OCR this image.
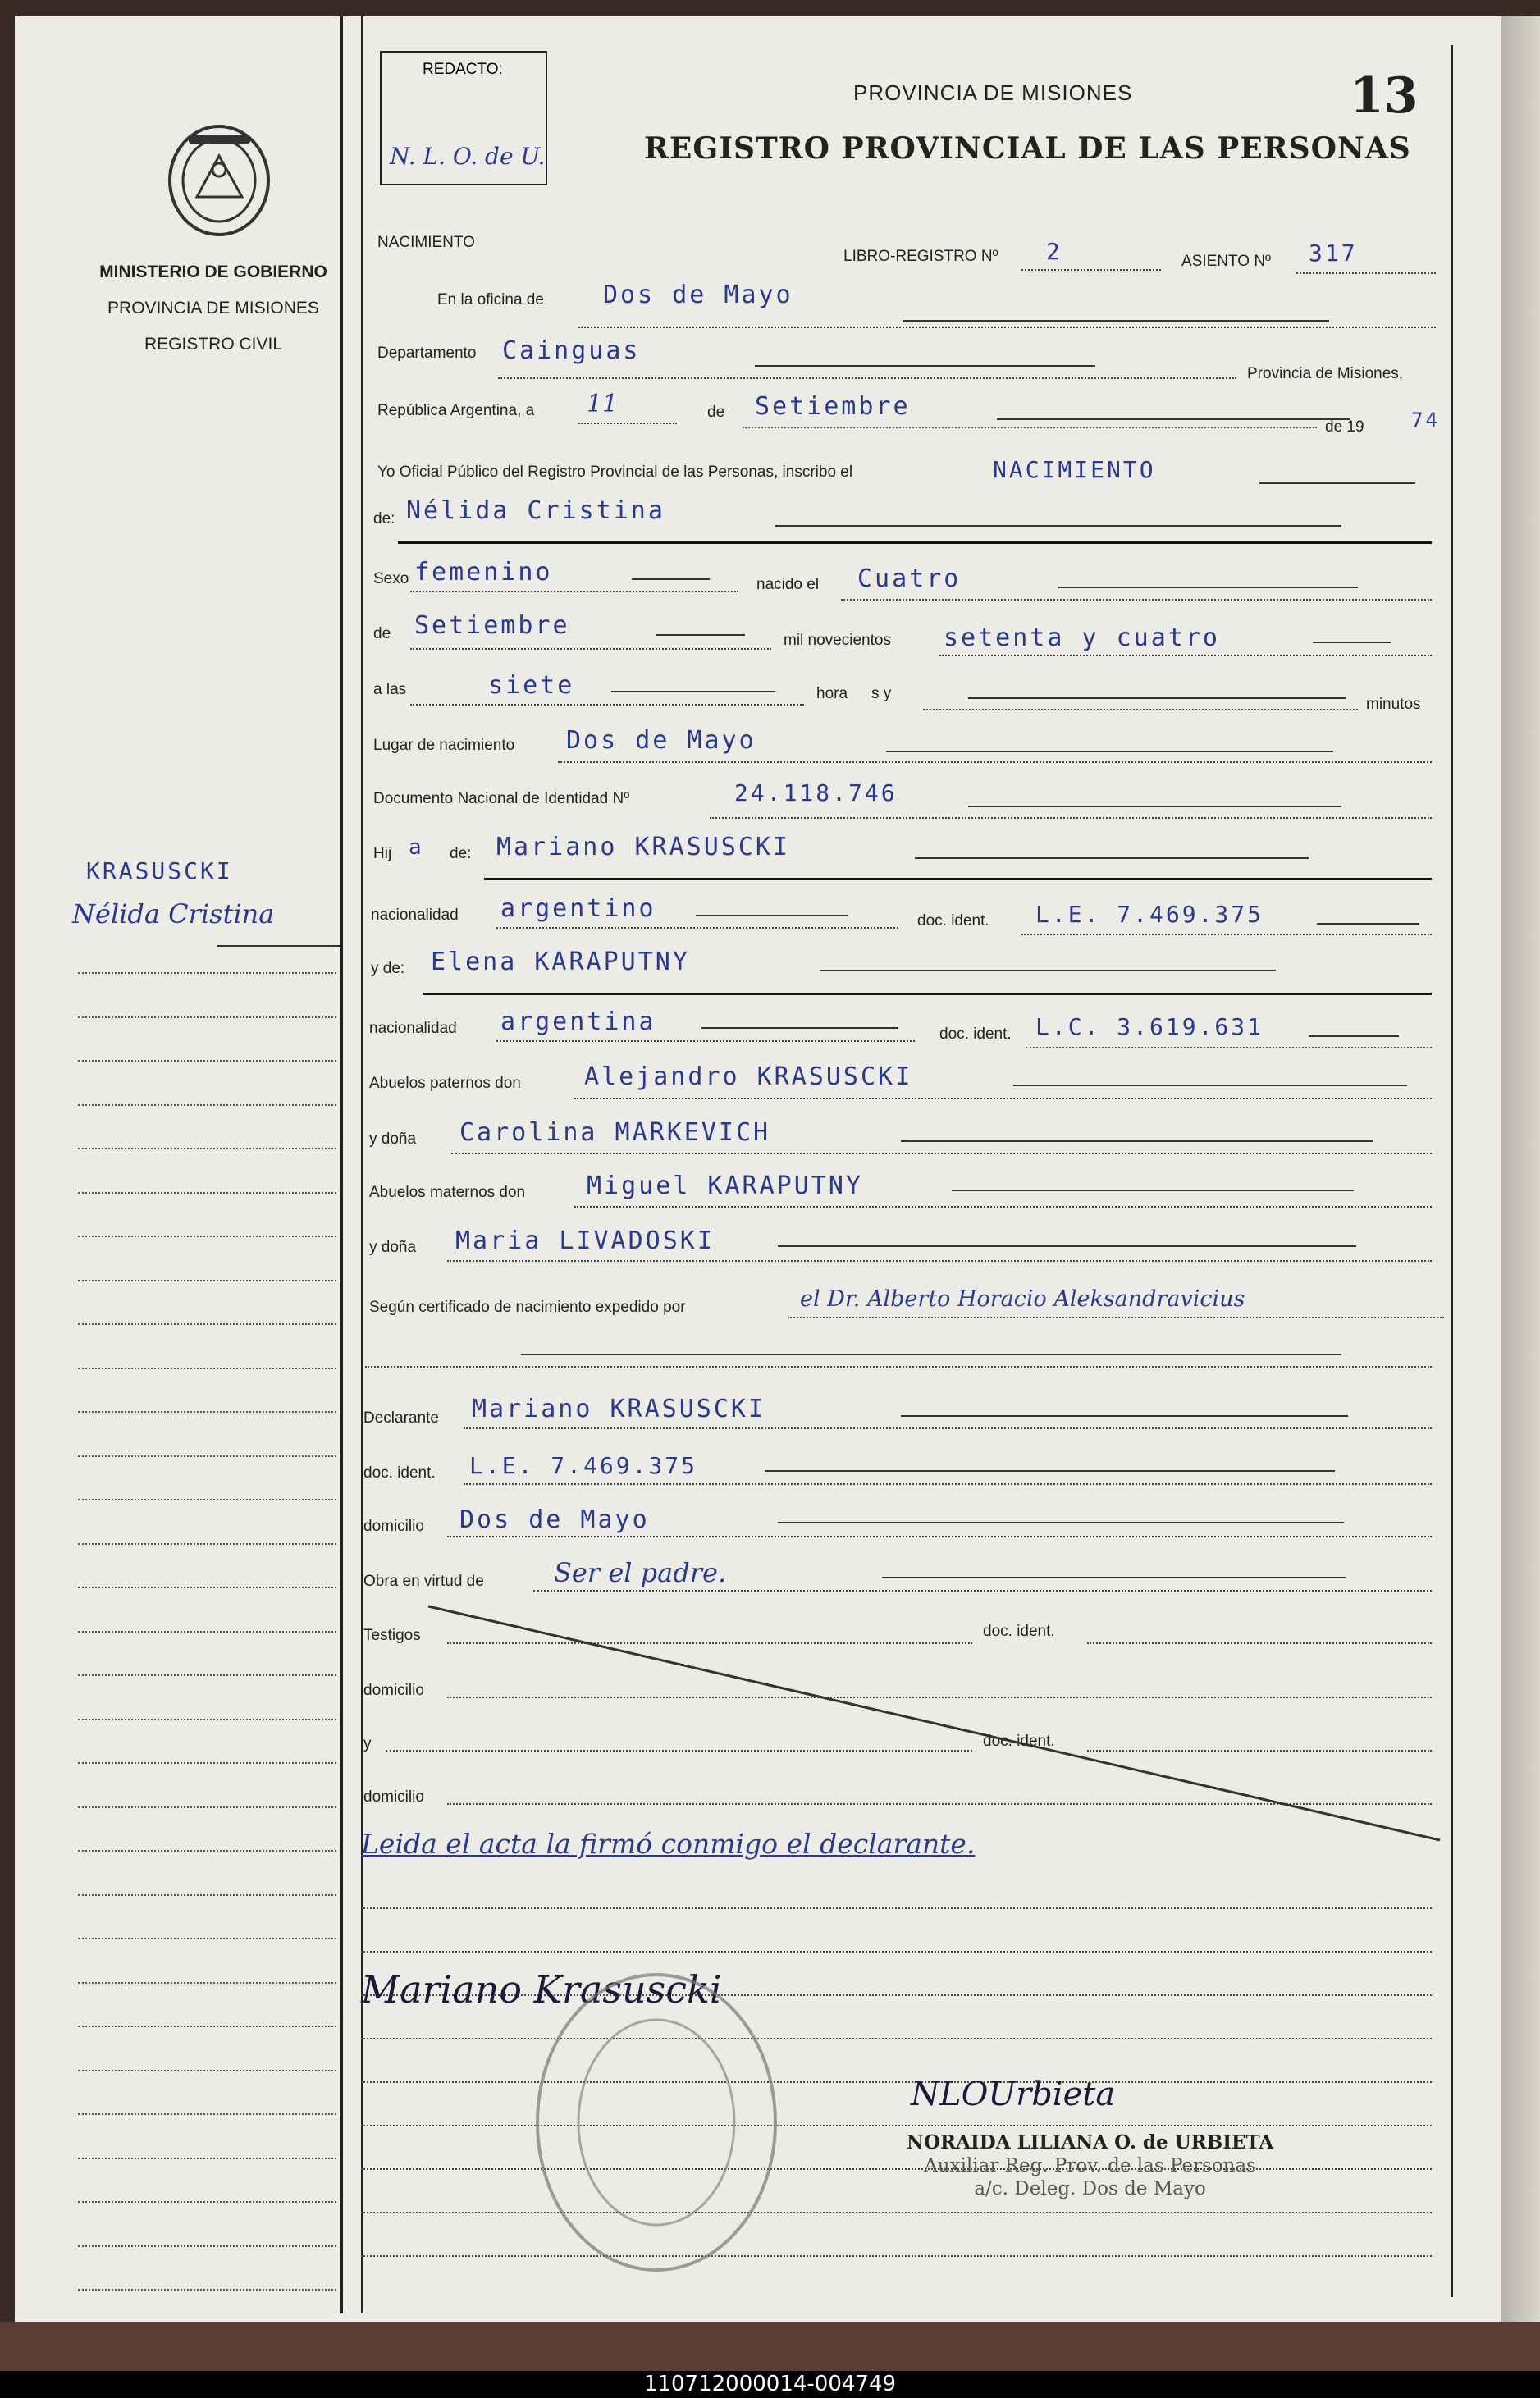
MINISTERIO DE GOBIERNO
PROVINCIA DE MISIONES
REGISTRO CIVIL
REDACTO:
N. L. O. de U.
PROVINCIA DE MISIONES
REGISTRO PROVINCIAL DE LAS PERSONAS
13
KRASUSCKI
Nélida Cristina
NACIMIENTO
LIBRO-REGISTRO Nº 2	ASIENTO Nº 317
En la oficina de Dos de Mayo
Departamento Cainguas
Provincia de Misiones,
República Argentina, a 11	de Setiembre
de 19 74
Yo Oficial Público del Registro Provincial de las Personas, inscribo el	NACIMIENTO
de: Nélida Cristina
Sexo femenino	nacido el Cuatro
de Setiembre
mil novecientos setenta y cuatro
a las	siete	hora s y
minutos
Lugar de nacimiento Dos de Mayo
Documento Nacional de Identidad Nº	24.118.746
Hij a de: Mariano KRASUSCKI
nacionalidad argentino	doc. ident. L.E. 7.469.375
y de: Elena KARAPUTNY
nacionalidad argentina	doc. ident. L.C. 3.619.631
Abuelos paternos don	Alejandro KRASUSCKI
y doña Carolina MARKEVICH
Abuelos maternos don Miguel KARAPUTNY
y doña Maria LIVADOSKI
Según certificado de nacimiento expedido por	el Dr. Alberto Horacio Aleksandravicius
Declarante Mariano KRASUSCKI
doc. ident. L.E. 7.469.375
domicilio Dos de Mayo
Obra en virtud de	Ser el padre.
Testigos	doc. ident.
domicilio
y	doc. ident.
domicilio
Leida el acta la firmó conmigo el declarante.
Mariano Krasuscki
NLOUrbieta
NORAIDA LILIANA O. de URBIETA
Auxiliar Reg. Prov. de las Personas
a/c. Deleg. Dos de Mayo
110712000014-004749
